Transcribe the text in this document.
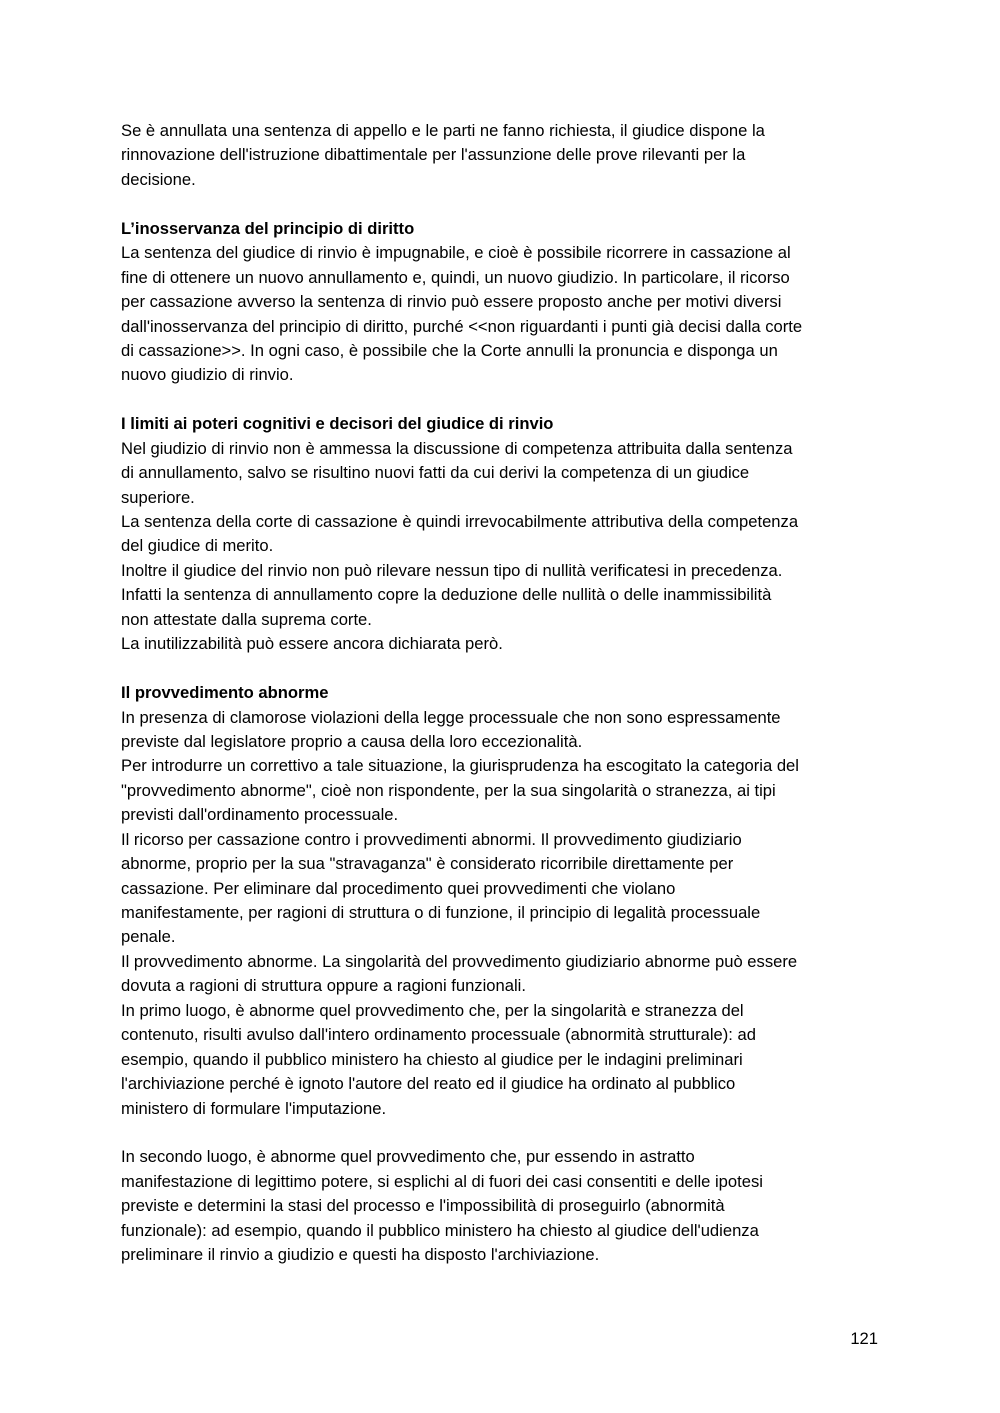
Se è annullata una sentenza di appello e le parti ne fanno richiesta, il giudice dispone la
rinnovazione dell'istruzione dibattimentale per l'assunzione delle prove rilevanti per la
decisione.
L’inosservanza del principio di diritto
La sentenza del giudice di rinvio è impugnabile, e cioè è possibile ricorrere in cassazione al
fine di ottenere un nuovo annullamento e, quindi, un nuovo giudizio. In particolare, il ricorso
per cassazione avverso la sentenza di rinvio può essere proposto anche per motivi diversi
dall'inosservanza del principio di diritto, purché <<non riguardanti i punti già decisi dalla corte
di cassazione>>. In ogni caso, è possibile che la Corte annulli la pronuncia e disponga un
nuovo giudizio di rinvio.
I limiti ai poteri cognitivi e decisori del giudice di rinvio
Nel giudizio di rinvio non è ammessa la discussione di competenza attribuita dalla sentenza
di annullamento, salvo se risultino nuovi fatti da cui derivi la competenza di un giudice
superiore.
La sentenza della corte di cassazione è quindi irrevocabilmente attributiva della competenza
del giudice di merito.
Inoltre il giudice del rinvio non può rilevare nessun tipo di nullità verificatesi in precedenza.
Infatti la sentenza di annullamento copre la deduzione delle nullità o delle inammissibilità
non attestate dalla suprema corte.
La inutilizzabilità può essere ancora dichiarata però.
Il provvedimento abnorme
In presenza di clamorose violazioni della legge processuale che non sono espressamente
previste dal legislatore proprio a causa della loro eccezionalità.
Per introdurre un correttivo a tale situazione, la giurisprudenza ha escogitato la categoria del
"provvedimento abnorme", cioè non rispondente, per la sua singolarità o stranezza, ai tipi
previsti dall'ordinamento processuale.
Il ricorso per cassazione contro i provvedimenti abnormi. Il provvedimento giudiziario
abnorme, proprio per la sua "stravaganza" è considerato ricorribile direttamente per
cassazione. Per eliminare dal procedimento quei provvedimenti che violano
manifestamente, per ragioni di struttura o di funzione, il principio di legalità processuale
penale.
Il provvedimento abnorme. La singolarità del provvedimento giudiziario abnorme può essere
dovuta a ragioni di struttura oppure a ragioni funzionali.
In primo luogo, è abnorme quel provvedimento che, per la singolarità e stranezza del
contenuto, risulti avulso dall'intero ordinamento processuale (abnormità strutturale): ad
esempio, quando il pubblico ministero ha chiesto al giudice per le indagini preliminari
l'archiviazione perché è ignoto l'autore del reato ed il giudice ha ordinato al pubblico
ministero di formulare l'imputazione.
In secondo luogo, è abnorme quel provvedimento che, pur essendo in astratto
manifestazione di legittimo potere, si esplichi al di fuori dei casi consentiti e delle ipotesi
previste e determini la stasi del processo e l'impossibilità di proseguirlo (abnormità
funzionale): ad esempio, quando il pubblico ministero ha chiesto al giudice dell'udienza
preliminare il rinvio a giudizio e questi ha disposto l'archiviazione.
121
